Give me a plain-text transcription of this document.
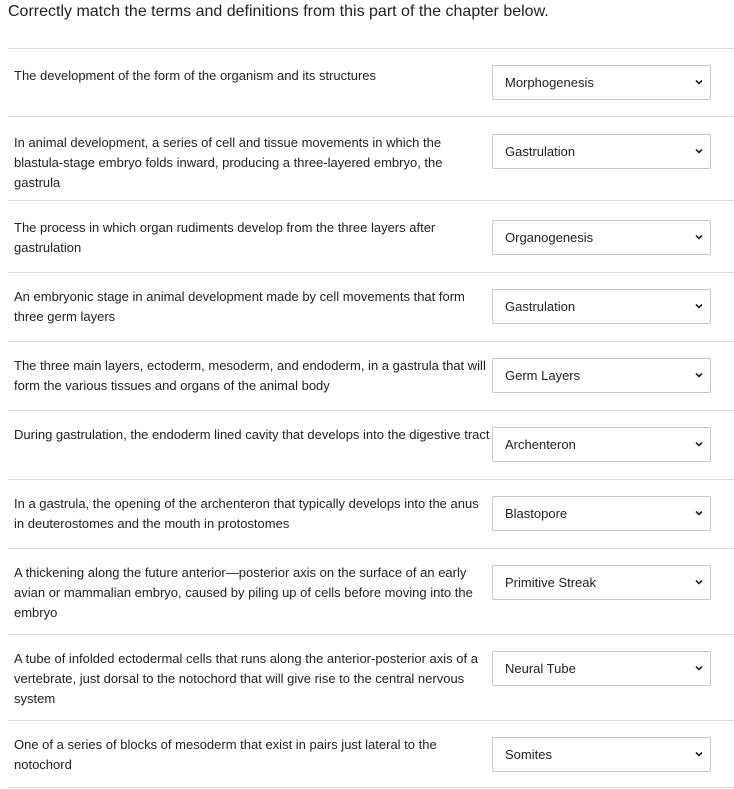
Correctly match the terms and definitions from this part of the chapter below.
The development of the form of the organism and its structures	Morphogenesis
In animal development, a series of cell and tissue movements in which the blastula-stage embryo folds inward, producing a three-layered embryo, the gastrula
Gastrulation
The process in which organ rudiments develop from the three layers after gastrulation
Organogenesis
An embryonic stage in animal development made by cell movements that form three germ layers
Gastrulation
The three main layers, ectoderm, mesoderm, and endoderm, in a gastrula that will form the various tissues and organs of the animal body
Germ Layers
During gastrulation, the endoderm lined cavity that develops into the digestive tract
Archenteron
In a gastrula, the opening of the archenteron that typically develops into the anus in deuterostomes and the mouth in protostomes
Blastopore
A thickening along the future anterior—posterior axis on the surface of an early avian or mammalian embryo, caused by piling up of cells before moving into the embryo
Primitive Streak
A tube of infolded ectodermal cells that runs along the anterior-posterior axis of a vertebrate, just dorsal to the notochord that will give rise to the central nervous system
Neural Tube
One of a series of blocks of mesoderm that exist in pairs just lateral to the notochord
Somites
